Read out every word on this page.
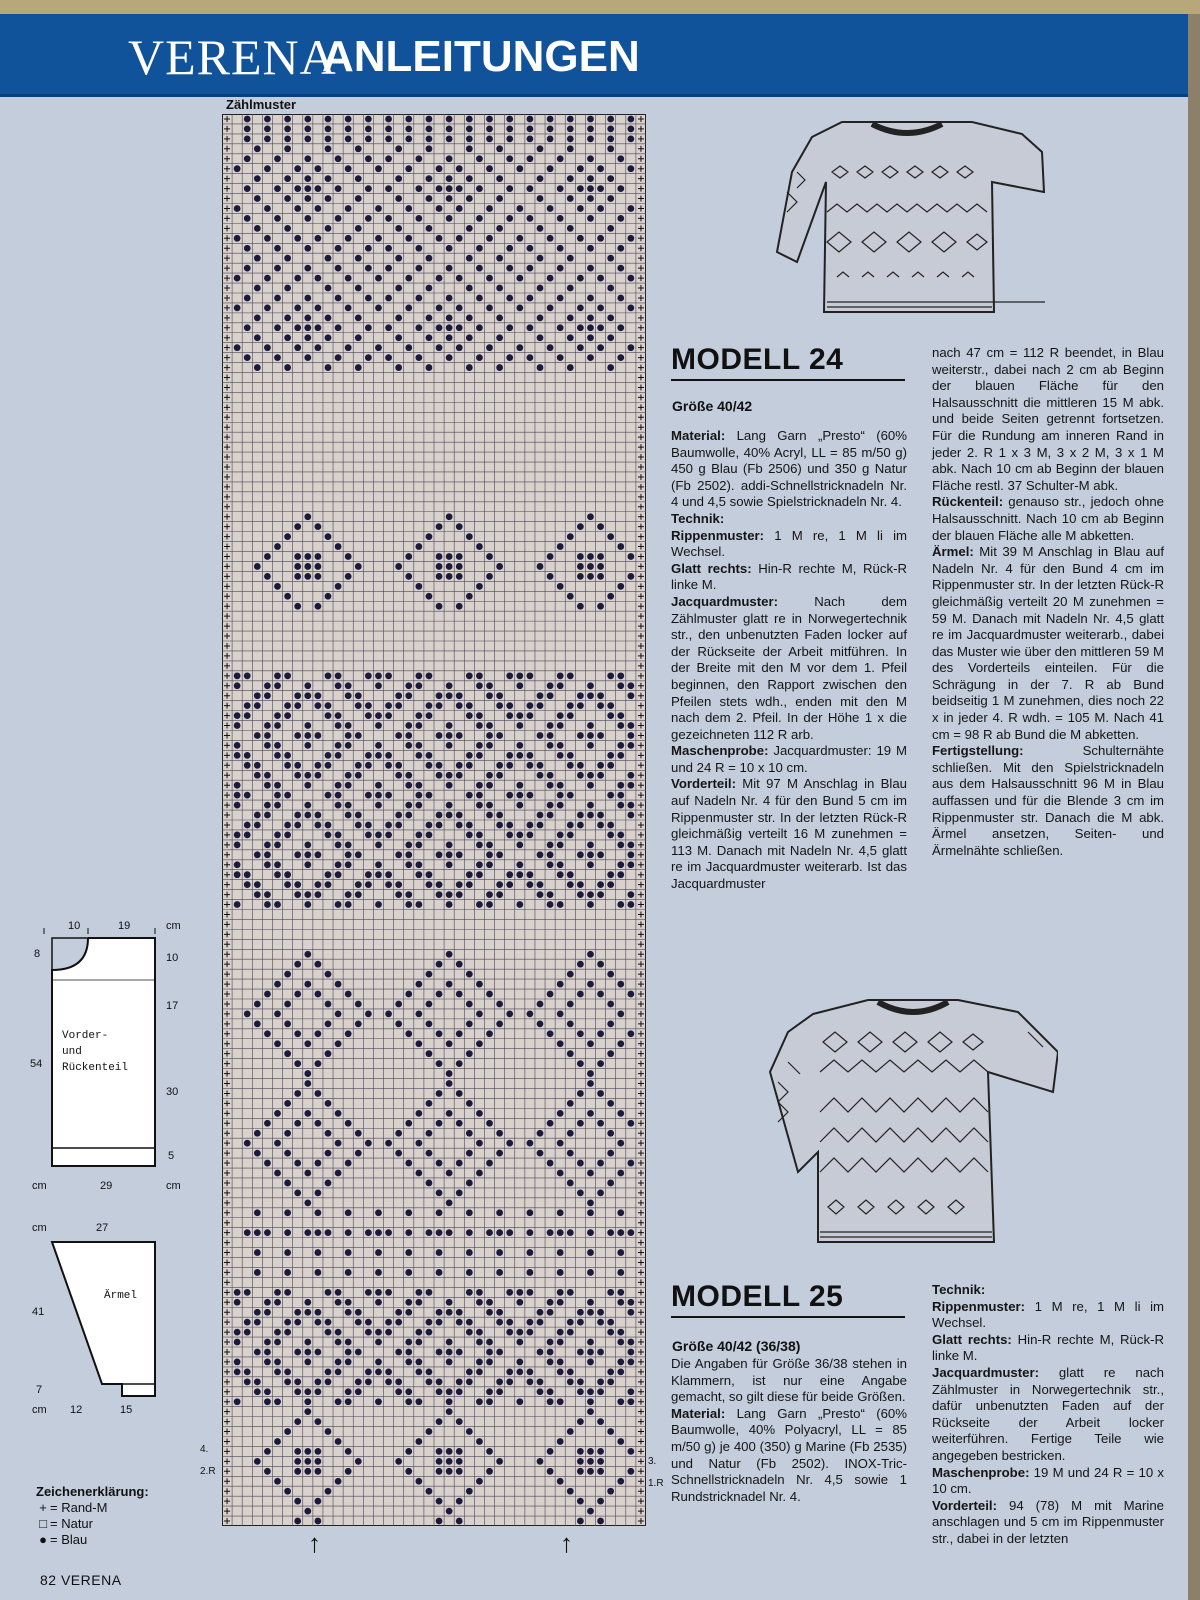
VERENA
ANLEITUNGEN
Zählmuster
4.
2.R
3.
1.R
↑	↑
MODELL 24
Größe 40/42

Material: Lang Garn „Presto“ (60% Baumwolle, 40% Acryl, LL = 85 m/50 g) 450 g Blau (Fb 2506) und 350 g Natur (Fb 2502). addi-Schnellstricknadeln Nr. 4 und 4,5 sowie Spielstricknadeln Nr. 4.

Technik:

Rippenmuster: 1 M re, 1 M li im Wechsel.

Glatt rechts: Hin-R rechte M, Rück-R linke M.

Jacquardmuster: Nach dem Zählmuster glatt re in Norwegertechnik str., den unbenutzten Faden locker auf der Rückseite der Arbeit mitführen. In der Breite mit den M vor dem 1. Pfeil beginnen, den Rapport zwischen den Pfeilen stets wdh., enden mit den M nach dem 2. Pfeil. In der Höhe 1 x die gezeichneten 112 R arb.

Maschenprobe: Jacquardmuster: 19 M und 24 R = 10 x 10 cm.

Vorderteil: Mit 97 M Anschlag in Blau auf Nadeln Nr. 4 für den Bund 5 cm im Rippenmuster str. In der letzten Rück-R gleichmäßig verteilt 16 M zunehmen = 113 M. Danach mit Nadeln Nr. 4,5 glatt re im Jacquardmuster weiterarb. Ist das Jacquardmuster

nach 47 cm = 112 R beendet, in Blau weiterstr., dabei nach 2 cm ab Beginn der blauen Fläche für den Halsausschnitt die mittleren 15 M abk. und beide Seiten getrennt fortsetzen. Für die Rundung am inneren Rand in jeder 2. R 1 x 3 M, 3 x 2 M, 3 x 1 M abk. Nach 10 cm ab Beginn der blauen Fläche restl. 37 Schulter-M abk.

Rückenteil: genauso str., jedoch ohne Halsausschnitt. Nach 10 cm ab Beginn der blauen Fläche alle M abketten.

Ärmel: Mit 39 M Anschlag in Blau auf Nadeln Nr. 4 für den Bund 4 cm im Rippenmuster str. In der letzten Rück-R gleichmäßig verteilt 20 M zunehmen = 59 M. Danach mit Nadeln Nr. 4,5 glatt re im Jacquardmuster weiterarb., dabei das Muster wie über den mittleren 59 M des Vorderteils einteilen. Für die Schrägung in der 7. R ab Bund beidseitig 1 M zunehmen, dies noch 22 x in jeder 4. R wdh. = 105 M. Nach 41 cm = 98 R ab Bund die M abketten.

Fertigstellung: Schulternähte schließen. Mit den Spielstricknadeln aus dem Halsausschnitt 96 M in Blau auffassen und für die Blende 3 cm im Rippenmuster str. Danach die M abk. Ärmel ansetzen, Seiten- und Ärmelnähte schließen.

MODELL 25
Größe 40/42 (36/38)

Die Angaben für Größe 36/38 stehen in Klammern, ist nur eine Angabe gemacht, so gilt diese für beide Größen.

Material: Lang Garn „Presto“ (60% Baumwolle, 40% Polyacryl, LL = 85 m/50 g) je 400 (350) g Marine (Fb 2535) und Natur (Fb 2502). INOX-Tric-Schnellstricknadeln Nr. 4,5 sowie 1 Rundstricknadel Nr. 4.

Technik:

Rippenmuster: 1 M re, 1 M li im Wechsel.

Glatt rechts: Hin-R rechte M, Rück-R linke M.

Jacquardmuster: glatt re nach Zählmuster in Norwegertechnik str., dafür unbenutzten Faden auf der Rückseite der Arbeit locker weiterführen. Fertige Teile wie angegeben bestricken.

Maschenprobe: 19 M und 24 R = 10 x 10 cm.

Vorderteil: 94 (78) M mit Marine anschlagen und 5 cm im Rippenmuster str., dabei in der letzten

10	19	cm
8	10
17
30
5
54
Vorder-
und
Rückenteil
cm	29	cm
cm	27
41
Ärmel
7
cm 12	15
Zeichenerklärung:
+ = Rand-M
□ = Natur
● = Blau
82 VERENA
